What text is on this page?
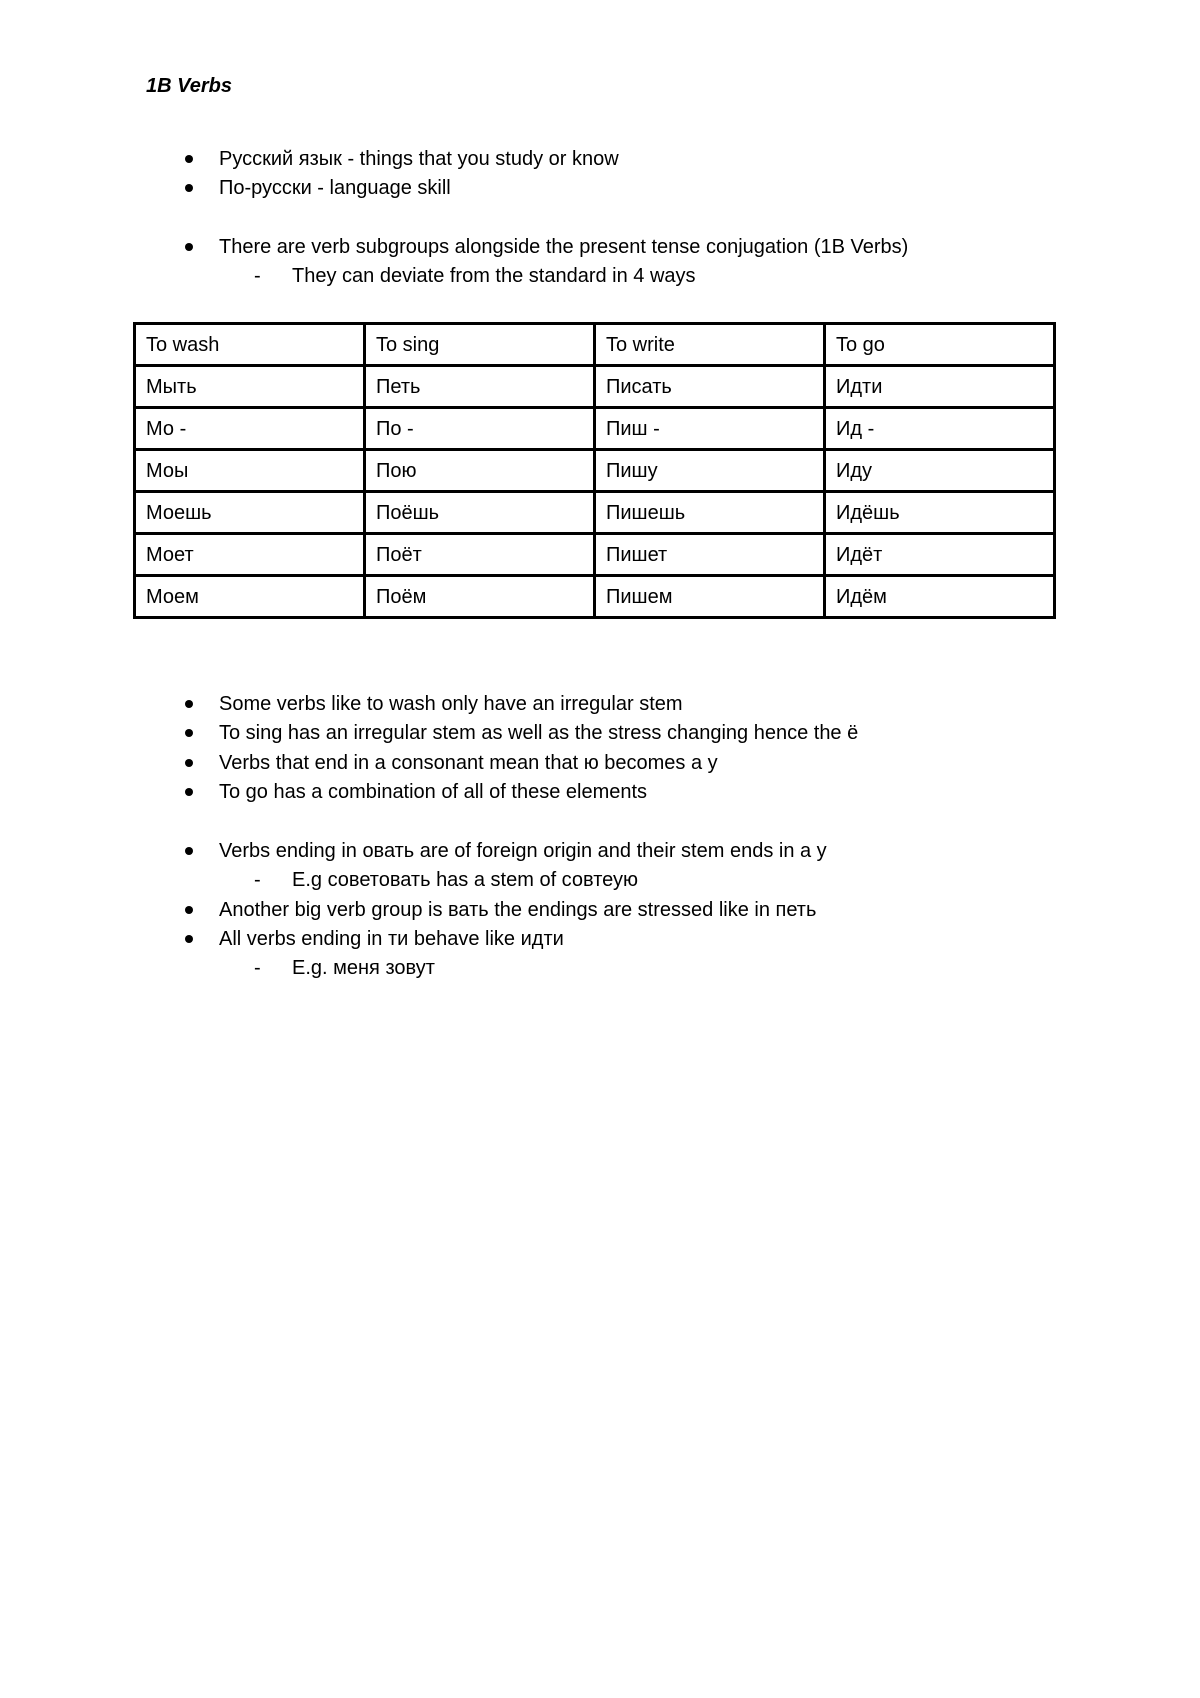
1B Verbs
Русский язык - things that you study or know
По-русски - language skill
There are verb subgroups alongside the present tense conjugation (1B Verbs)
- They can deviate from the standard in 4 ways
To wash	To sing	To write	To go
Мыть	Петь	Писать	Идти
Мо -	По -	Пиш -	Ид -
Моы	Пою	Пишу	Иду
Моешь	Поёшь	Пишешь	Идёшь
Моет	Поёт	Пишет	Идёт
Моем	Поём	Пишем	Идём
Some verbs like to wash only have an irregular stem
To sing has an irregular stem as well as the stress changing hence the ё
Verbs that end in a consonant mean that ю becomes a у
To go has a combination of all of these elements
Verbs ending in овать are of foreign origin and their stem ends in a у
- E.g советовать has a stem of совтеую
Another big verb group is вать the endings are stressed like in петь
All verbs ending in ти behave like идти
- E.g. меня зовут
